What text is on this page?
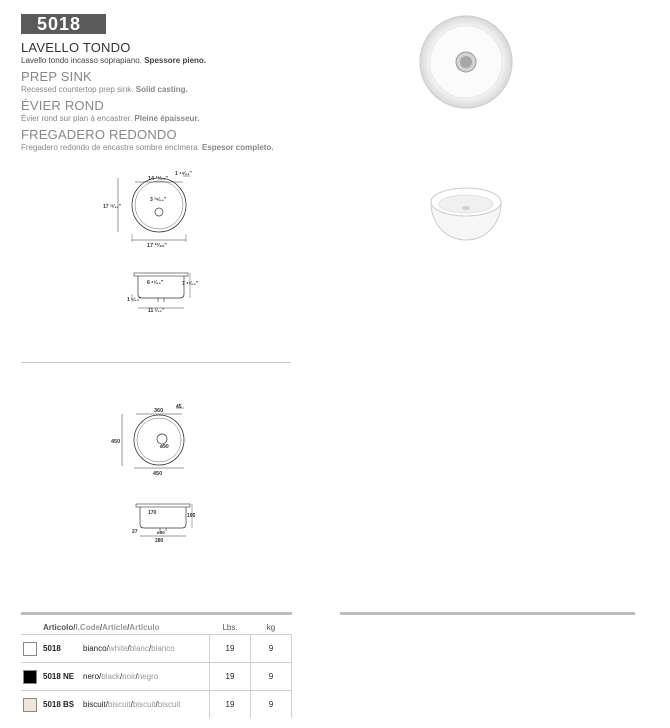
5018
LAVELLO TONDO
Lavello tondo incasso soprapiano. Spessore pieno.
PREP SINK
Recessed countertop prep sink. Solid casting.
ÉVIER ROND
Évier rond sur plan à encastrer. Pleine épaisseur.
FREGADERO REDONDO
Fregadero redondo de encastre sombre encimera. Espesor completo.
14 ¹¹⁄₆₄"
1 ⁴⁹⁄₆₄"
17 ²³⁄₃₂"
3 ³⁹⁄₆₄"
17 ²³⁄₃₂"
6 ⁴¹⁄₆₄"	7 ⁴³⁄₆₄"
1 ⁵⁄₆₄"
11 ¹⁄₃₂"
360
45
450
ø90
450
170	195
27	ø90
280
Articolo/I.Code/Article/Artículo			Lbs.	kg

	5018	bianco/white/blanc/blanco	19	9

	5018 NE	nero/black/noir/negro	19	9

	5018 BS	biscuit/biscuit/biscuit/biscuit	19	9
